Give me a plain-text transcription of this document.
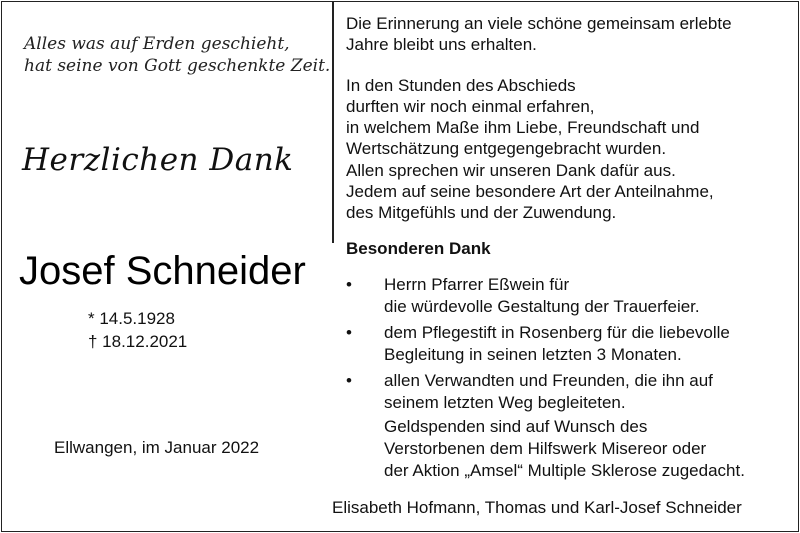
Alles was auf Erden geschieht,
hat seine von Gott geschenkte Zeit.
Herzlichen Dank
Josef Schneider
* 14.5.1928
† 18.12.2021
Ellwangen, im Januar 2022
Die Erinnerung an viele schöne gemeinsam erlebte
Jahre bleibt uns erhalten.
In den Stunden des Abschieds
durften wir noch einmal erfahren,
in welchem Maße ihm Liebe, Freundschaft und
Wertschätzung entgegengebracht wurden.
Allen sprechen wir unseren Dank dafür aus.
Jedem auf seine besondere Art der Anteilnahme,
des Mitgefühls und der Zuwendung.
Besonderen Dank
• Herrn Pfarrer Eßwein für
die würdevolle Gestaltung der Trauerfeier.
• dem Pflegestift in Rosenberg für die liebevolle
Begleitung in seinen letzten 3 Monaten.
• allen Verwandten und Freunden, die ihn auf
seinem letzten Weg begleiteten.
Geldspenden sind auf Wunsch des
Verstorbenen dem Hilfswerk Misereor oder
der Aktion „Amsel“ Multiple Sklerose zugedacht.
Elisabeth Hofmann, Thomas und Karl-Josef Schneider
